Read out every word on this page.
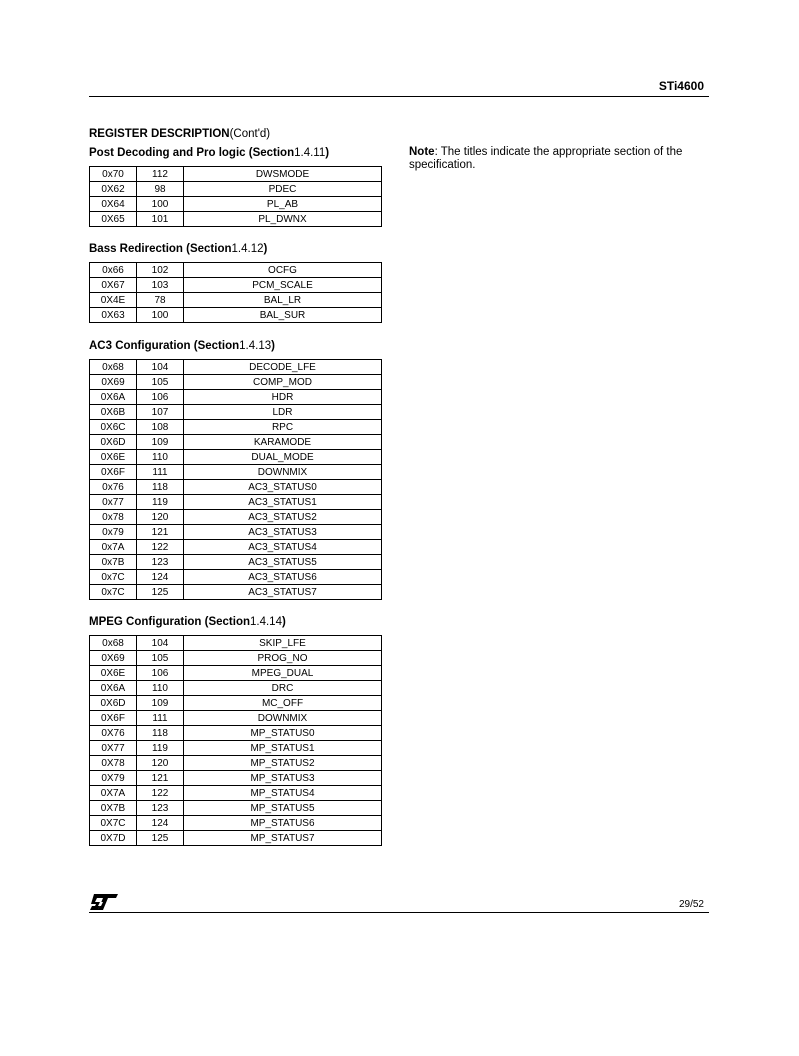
STi4600
REGISTER DESCRIPTION(Cont'd)
Note: The titles indicate the appropriate section of the specification.
Post Decoding and Pro logic (Section1.4.11)
0x70	112	DWSMODE
0X62	98	PDEC
0X64	100	PL_AB
0X65	101	PL_DWNX
Bass Redirection (Section1.4.12)
0x66	102	OCFG
0X67	103	PCM_SCALE
0X4E	78	BAL_LR
0X63	100	BAL_SUR
AC3 Configuration (Section1.4.13)
0x68	104	DECODE_LFE
0X69	105	COMP_MOD
0X6A	106	HDR
0X6B	107	LDR
0X6C	108	RPC
0X6D	109	KARAMODE
0X6E	110	DUAL_MODE
0X6F	111	DOWNMIX
0x76	118	AC3_STATUS0
0x77	119	AC3_STATUS1
0x78	120	AC3_STATUS2
0x79	121	AC3_STATUS3
0x7A	122	AC3_STATUS4
0x7B	123	AC3_STATUS5
0x7C	124	AC3_STATUS6
0x7C	125	AC3_STATUS7
MPEG Configuration (Section1.4.14)
0x68	104	SKIP_LFE
0X69	105	PROG_NO
0X6E	106	MPEG_DUAL
0X6A	110	DRC
0X6D	109	MC_OFF
0X6F	111	DOWNMIX
0X76	118	MP_STATUS0
0X77	119	MP_STATUS1
0X78	120	MP_STATUS2
0X79	121	MP_STATUS3
0X7A	122	MP_STATUS4
0X7B	123	MP_STATUS5
0X7C	124	MP_STATUS6
0X7D	125	MP_STATUS7
29/52
